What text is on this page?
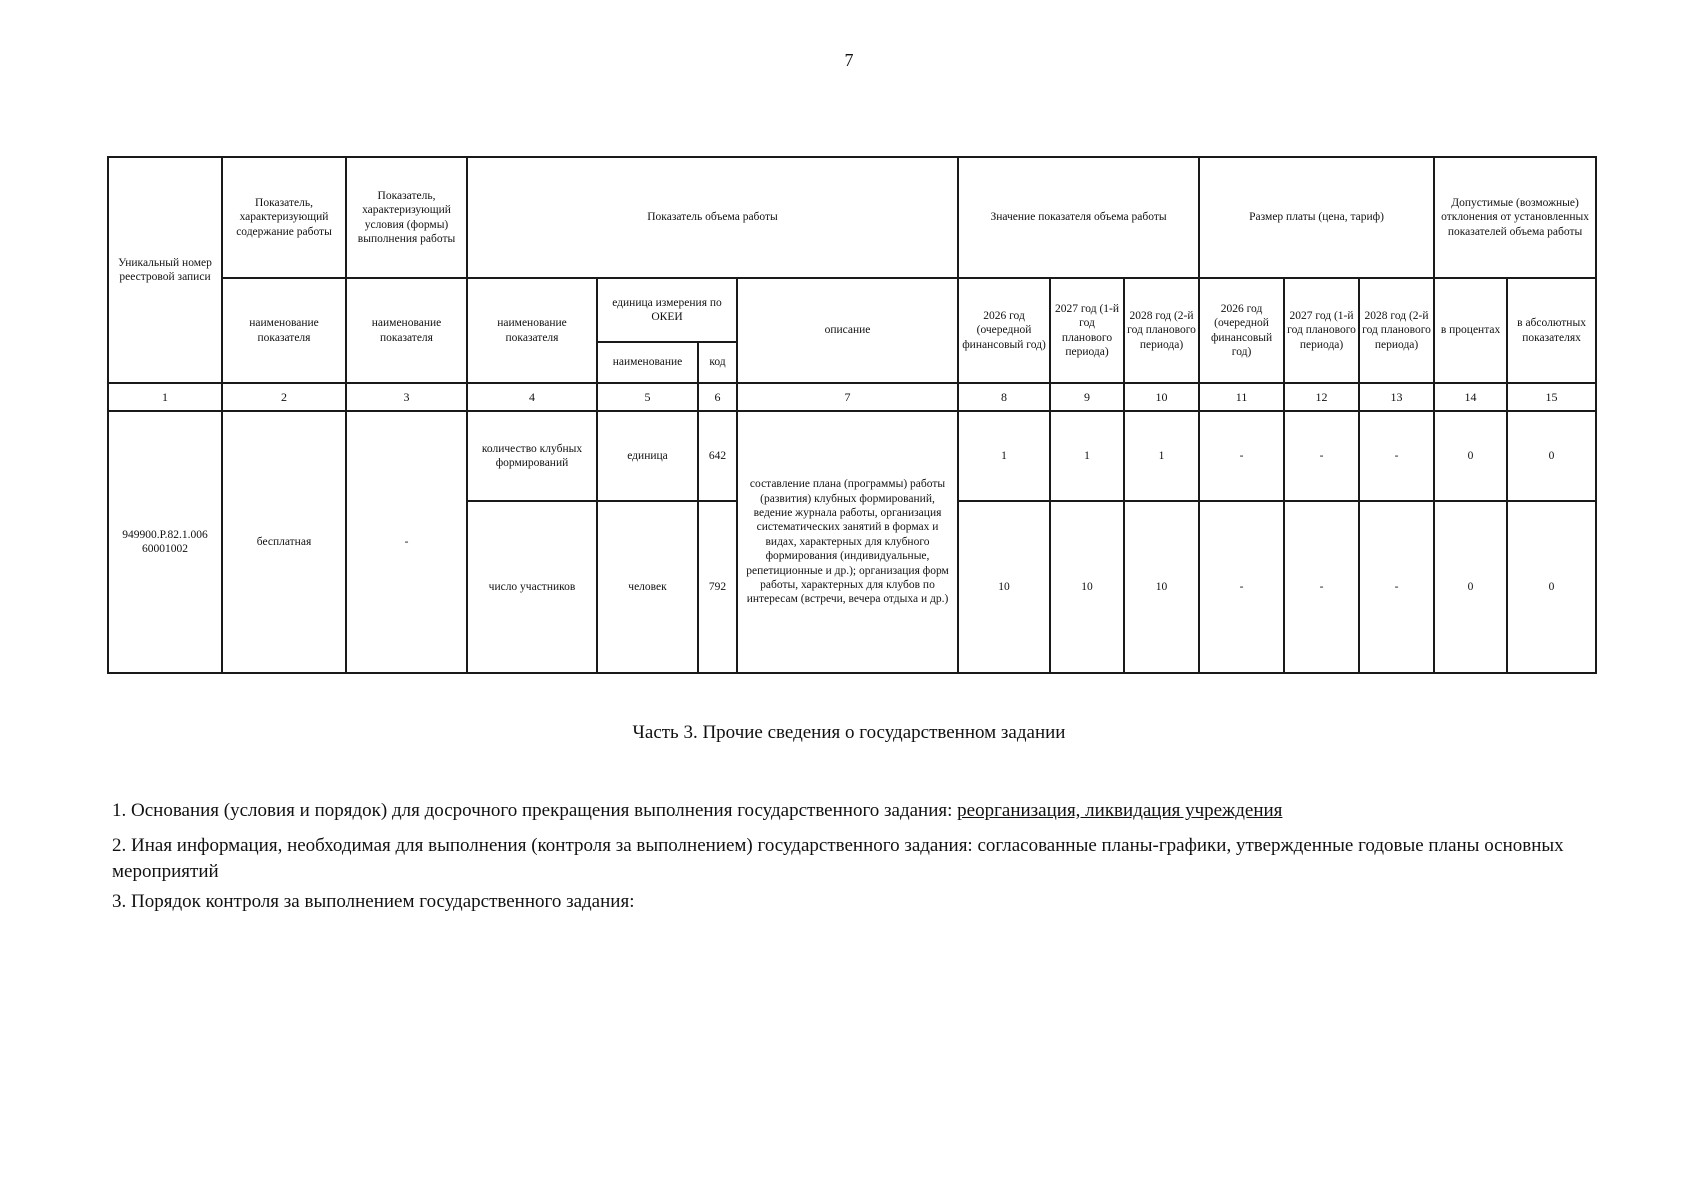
7
Уникальный номер реестровой записи	Показатель, характеризующий содержание работы	Показатель, характеризующий условия (формы) выполнения работы	Показатель объема работы				Значение показателя объема работы			Размер платы (цена, тариф)			Допустимые (возможные) отклонения от установленных показателей объема работы	
	наименование показателя	наименование показателя	наименование показателя	единица измерения по ОКЕИ		описание	2026 год (очередной финансовый год)	2027 год (1-й год планового периода)	2028 год (2-й год планового периода)	2026 год (очередной финансовый год)	2027 год (1-й год планового периода)	2028 год (2-й год планового периода)	в процентах	в абсолютных показателях
				наименование	код									
1	2	3	4	5	6	7	8	9	10	11	12	13	14	15
949900.Р.82.1.006 60001002	бесплатная	-	количество клубных формирований	единица	642	составление плана (программы) работы (развития) клубных формирований, ведение журнала работы, организация систематических занятий в формах и видах, характерных для клубного формирования (индивидуальные, репетиционные и др.); организация форм работы, характерных для клубов по интересам (встречи, вечера отдыха и др.)	1	1	1	-	-	-	0	0
			число участников	человек	792		10	10	10	-	-	-	0	0
Часть 3. Прочие сведения о государственном задании
1. Основания (условия и порядок) для досрочного прекращения выполнения государственного задания: реорганизация, ликвидация учреждения
2. Иная информация, необходимая для выполнения (контроля за выполнением) государственного задания: согласованные планы-графики, утвержденные годовые планы основных мероприятий
3. Порядок контроля за выполнением государственного задания:
